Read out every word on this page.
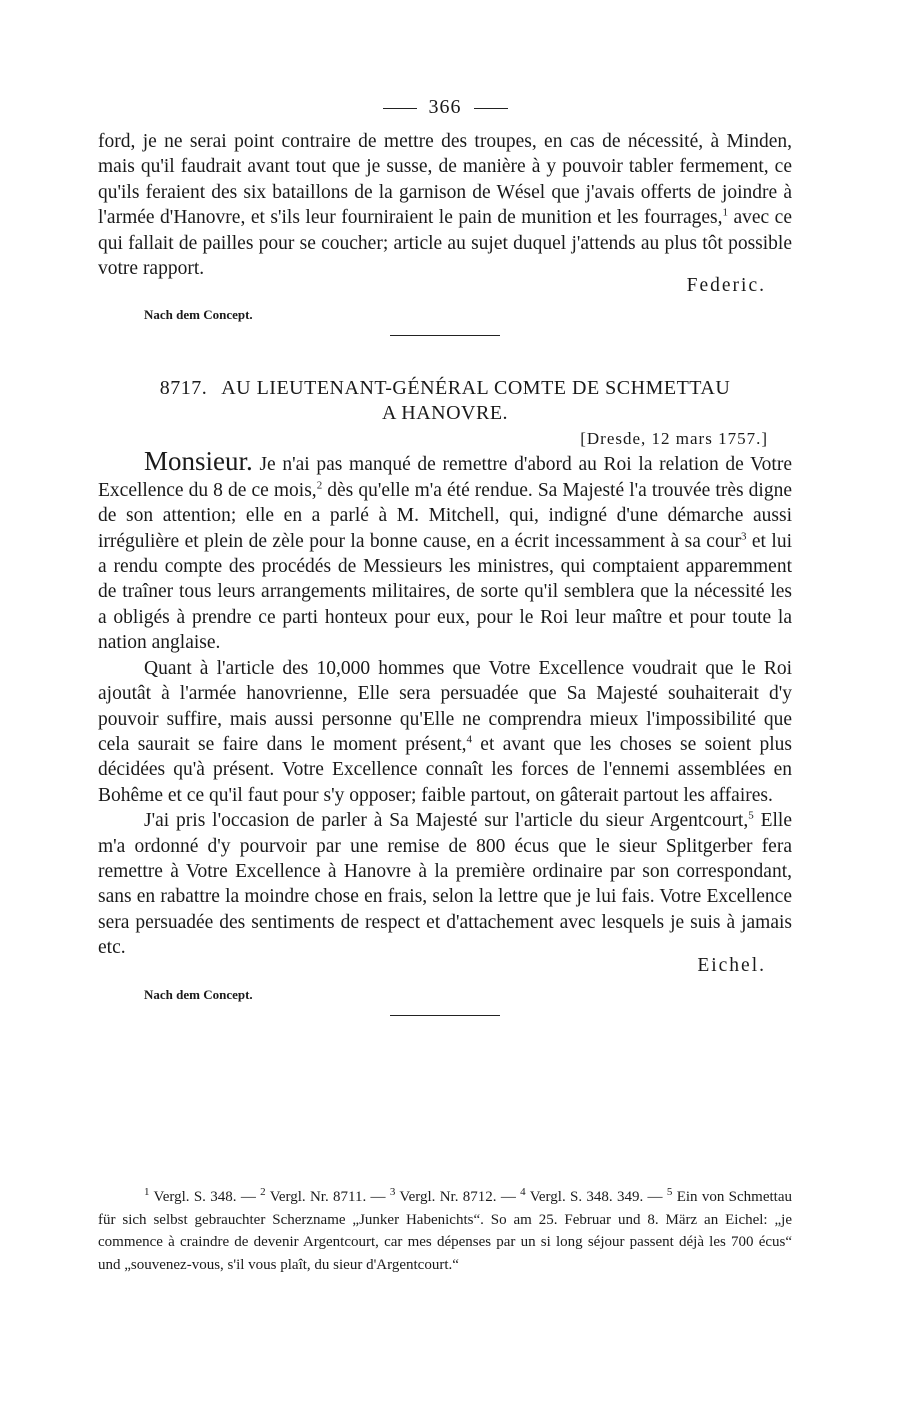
366

ford, je ne serai point contraire de mettre des troupes, en cas de nécessité, à Minden, mais qu'il faudrait avant tout que je susse, de manière à y pouvoir tabler fermement, ce qu'ils feraient des six bataillons de la garnison de Wésel que j'avais offerts de joindre à l'armée d'Hanovre, et s'ils leur fourniraient le pain de munition et les fourrages,$^1$ avec ce qui fallait de pailles pour se coucher; article au sujet duquel j'attends au plus tôt possible votre rapport.

Federic.
Nach dem Concept.
8717. AU LIEUTENANT-GÉNÉRAL COMTE DE SCHMETTAU
A HANOVRE.
[Dresde, 12 mars 1757.]

Monsieur. Je n'ai pas manqué de remettre d'abord au Roi la relation de Votre Excellence du 8 de ce mois,$^2$ dès qu'elle m'a été rendue. Sa Majesté l'a trouvée très digne de son attention; elle en a parlé à M. Mitchell, qui, indigné d'une démarche aussi irrégulière et plein de zèle pour la bonne cause, en a écrit incessamment à sa cour$^3$ et lui a rendu compte des procédés de Messieurs les ministres, qui comptaient apparemment de traîner tous leurs arrangements militaires, de sorte qu'il semblera que la nécessité les a obligés à prendre ce parti honteux pour eux, pour le Roi leur maître et pour toute la nation anglaise.

Quant à l'article des 10,000 hommes que Votre Excellence voudrait que le Roi ajoutât à l'armée hanovrienne, Elle sera persuadée que Sa Majesté souhaiterait d'y pouvoir suffire, mais aussi personne qu'Elle ne comprendra mieux l'impossibilité que cela saurait se faire dans le moment présent,$^4$ et avant que les choses se soient plus décidées qu'à présent. Votre Excellence connaît les forces de l'ennemi assemblées en Bohême et ce qu'il faut pour s'y opposer; faible partout, on gâterait partout les affaires.

J'ai pris l'occasion de parler à Sa Majesté sur l'article du sieur Argentcourt,$^5$ Elle m'a ordonné d'y pourvoir par une remise de 800 écus que le sieur Splitgerber fera remettre à Votre Excellence à Hanovre à la première ordinaire par son correspondant, sans en rabattre la moindre chose en frais, selon la lettre que je lui fais. Votre Excellence sera persuadée des sentiments de respect et d'attachement avec lesquels je suis à jamais etc.

Eichel.
Nach dem Concept.
$^1$ Vergl. S. 348. — $^2$ Vergl. Nr. 8711. — $^3$ Vergl. Nr. 8712. — $^4$ Vergl. S. 348. 349. — $^5$ Ein von Schmettau für sich selbst gebrauchter Scherzname „Junker Habenichts“. So am 25. Februar und 8. März an Eichel: „je commence à craindre de devenir Argentcourt, car mes dépenses par un si long séjour passent déjà les 700 écus“ und „souvenez-vous, s'il vous plaît, du sieur d'Argentcourt.“
